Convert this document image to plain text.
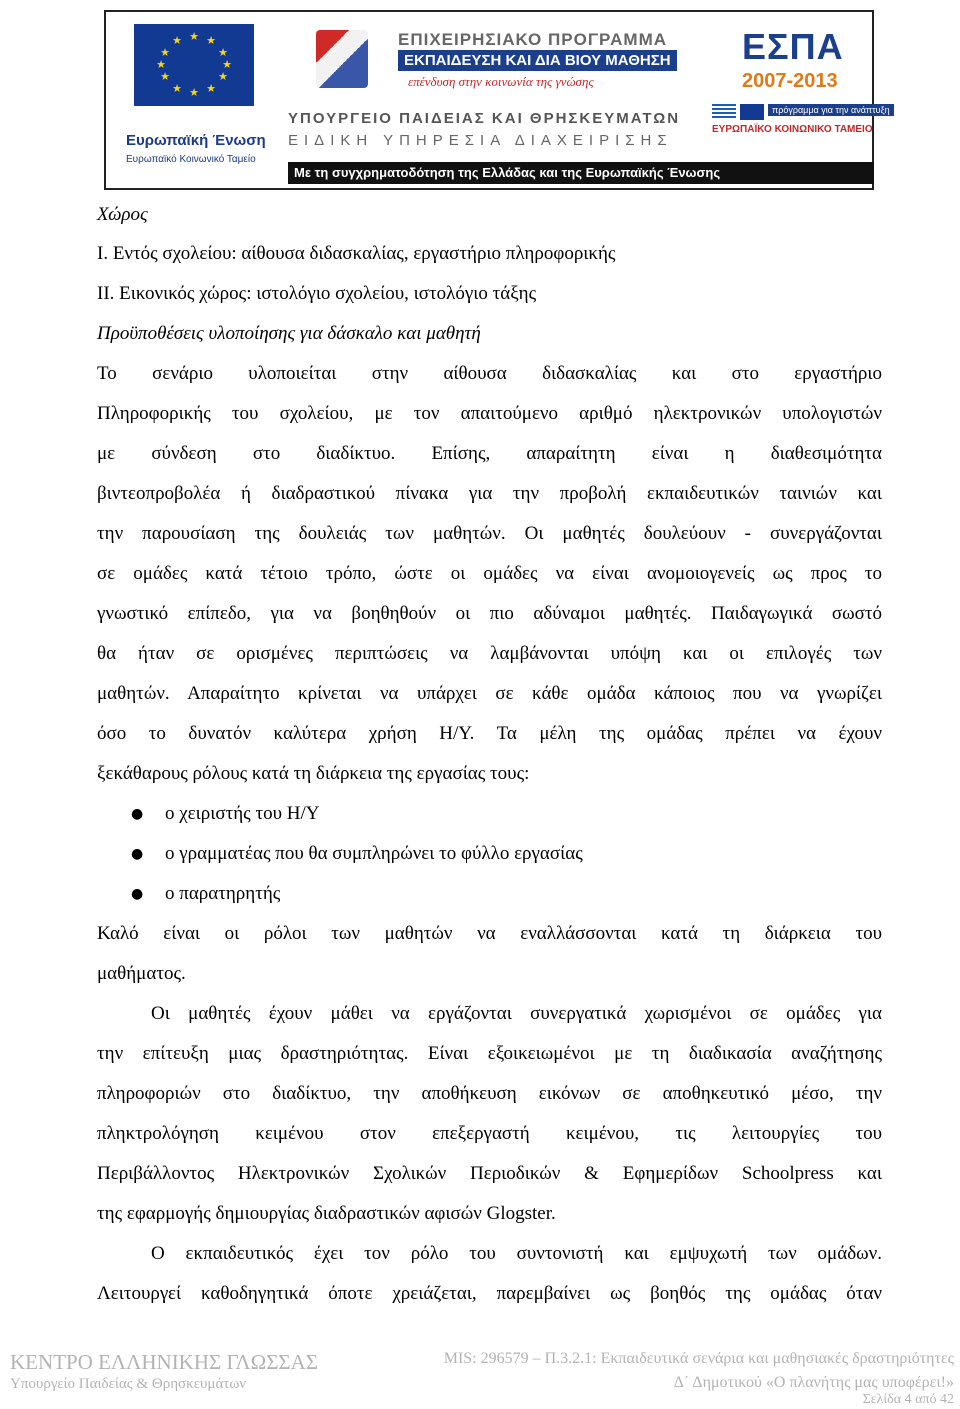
★ ★
★
★
★
★
★
★
★
★
★
★
Ευρωπαϊκή Ένωση
Ευρωπαϊκό Κοινωνικό Ταμείο
ΕΠΙΧΕΙΡΗΣΙΑΚΟ ΠΡΟΓΡΑΜΜΑ
ΕΚΠΑΙΔΕΥΣΗ ΚΑΙ ΔΙΑ ΒΙΟΥ ΜΑΘΗΣΗ
επένδυση στην κοινωνία της γνώσης
ΥΠΟΥΡΓΕΙΟ ΠΑΙΔΕΙΑΣ ΚΑΙ ΘΡΗΣΚΕΥΜΑΤΩΝ
ΕΙΔΙΚΗ ΥΠΗΡΕΣΙΑ ΔΙΑΧΕΙΡΙΣΗΣ
ΕΣΠΑ
2007-2013
πρόγραμμα για την ανάπτυξη
ΕΥΡΩΠΑΪΚΟ ΚΟΙΝΩΝΙΚΟ ΤΑΜΕΙΟ
Με τη συγχρηματοδότηση της Ελλάδας και της Ευρωπαϊκής Ένωσης
Χώρος
I. Εντός σχολείου: αίθουσα διδασκαλίας, εργαστήριο πληροφορικής
II. Εικονικός χώρος: ιστολόγιο σχολείου, ιστολόγιο τάξης
Προϋποθέσεις υλοποίησης για δάσκαλο και μαθητή
Το σενάριο υλοποιείται στην αίθουσα διδασκαλίας και στο εργαστήριο
Πληροφορικής του σχολείου, με τον απαιτούμενο αριθμό ηλεκτρονικών υπολογιστών
με σύνδεση στο διαδίκτυο. Επίσης, απαραίτητη είναι η διαθεσιμότητα
βιντεοπροβολέα ή διαδραστικού πίνακα για την προβολή εκπαιδευτικών ταινιών και
την παρουσίαση της δουλειάς των μαθητών. Οι μαθητές δουλεύουν - συνεργάζονται
σε ομάδες κατά τέτοιο τρόπο, ώστε οι ομάδες να είναι ανομοιογενείς ως προς το
γνωστικό επίπεδο, για να βοηθηθούν οι πιο αδύναμοι μαθητές. Παιδαγωγικά σωστό
θα ήταν σε ορισμένες περιπτώσεις να λαμβάνονται υπόψη και οι επιλογές των
μαθητών. Απαραίτητο κρίνεται να υπάρχει σε κάθε ομάδα κάποιος που να γνωρίζει
όσο το δυνατόν καλύτερα χρήση Η/Υ. Τα μέλη της ομάδας πρέπει να έχουν
ξεκάθαρους ρόλους κατά τη διάρκεια της εργασίας τους:
● ο χειριστής του Η/Υ
● ο γραμματέας που θα συμπληρώνει το φύλλο εργασίας
● ο παρατηρητής
Καλό είναι οι ρόλοι των μαθητών να εναλλάσσονται κατά τη διάρκεια του
μαθήματος.
Οι μαθητές έχουν μάθει να εργάζονται συνεργατικά χωρισμένοι σε ομάδες για
την επίτευξη μιας δραστηριότητας. Είναι εξοικειωμένοι με τη διαδικασία αναζήτησης
πληροφοριών στο διαδίκτυο, την αποθήκευση εικόνων σε αποθηκευτικό μέσο, την
πληκτρολόγηση κειμένου στον επεξεργαστή κειμένου, τις λειτουργίες του
Περιβάλλοντος Ηλεκτρονικών Σχολικών Περιοδικών & Εφημερίδων Schoolpress και
της εφαρμογής δημιουργίας διαδραστικών αφισών Glogster.
Ο εκπαιδευτικός έχει τον ρόλο του συντονιστή και εμψυχωτή των ομάδων.
Λειτουργεί καθοδηγητικά όποτε χρειάζεται, παρεμβαίνει ως βοηθός της ομάδας όταν
ΚΕΝΤΡΟ ΕΛΛΗΝΙΚΗΣ ΓΛΩΣΣΑΣ
Υπουργείο Παιδείας & Θρησκευμάτων
MIS: 296579 – Π.3.2.1: Εκπαιδευτικά σενάρια και μαθησιακές δραστηριότητες
Δ΄ Δημοτικού «Ο πλανήτης μας υποφέρει!»
Σελίδα 4 από 42
